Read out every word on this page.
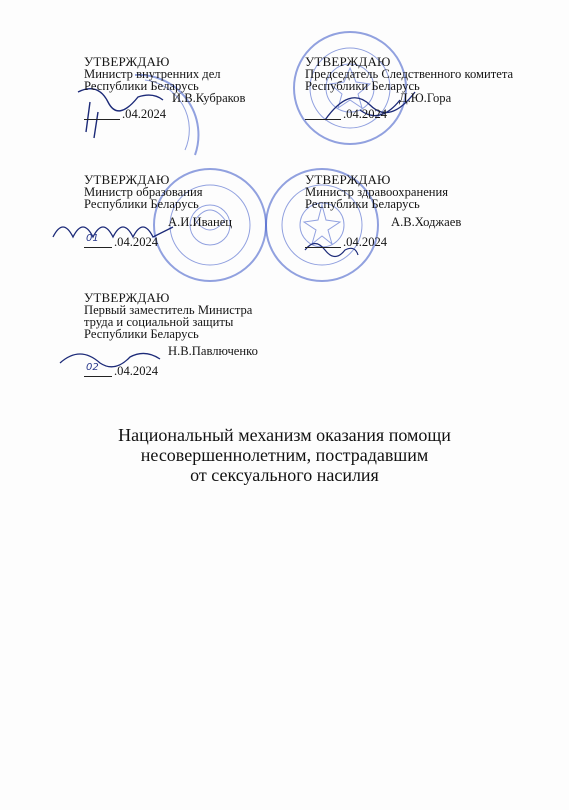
УТВЕРЖДАЮ
Министр внутренних дел
Республики Беларусь
И.В.Кубраков
.04.2024
УТВЕРЖДАЮ
Председатель Следственного комитета
Республики Беларусь
Д.Ю.Гора
.04.2024
УТВЕРЖДАЮ
Министр образования
Республики Беларусь
А.И.Иванец
01 .04.2024
УТВЕРЖДАЮ
Министр здравоохранения
Республики Беларусь
А.В.Ходжаев
.04.2024
УТВЕРЖДАЮ
Первый заместитель Министра
труда и социальной защиты
Республики Беларусь
Н.В.Павлюченко
02 .04.2024
Национальный механизм оказания помощи
несовершеннолетним, пострадавшим
от сексуального насилия
